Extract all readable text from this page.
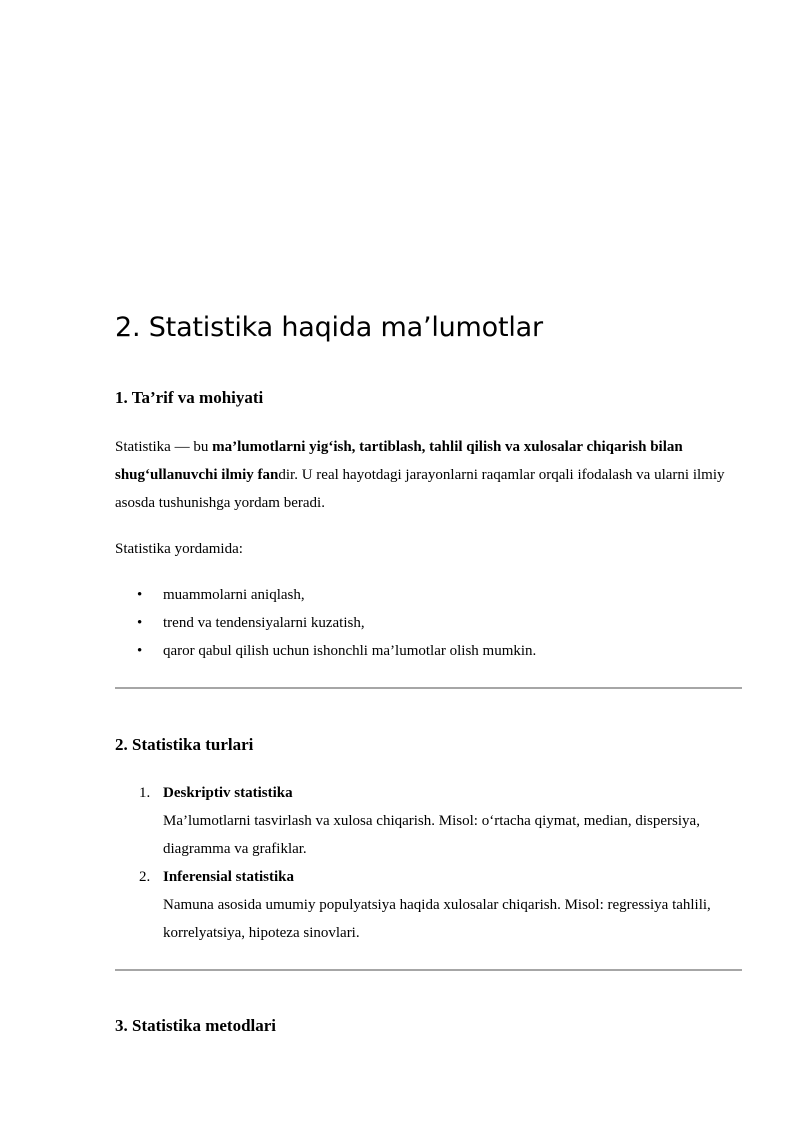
2. Statistika haqida ma’lumotlar
1. Ta’rif va mohiyati

Statistika — bu ma’lumotlarni yig‘ish, tartiblash, tahlil qilish va xulosalar chiqarish bilan shug‘ullanuvchi ilmiy fandir. U real hayotdagi jarayonlarni raqamlar orqali ifodalash va ularni ilmiy asosda tushunishga yordam beradi.

Statistika yordamida:

• muammolarni aniqlash,
• trend va tendensiyalarni kuzatish,
• qaror qabul qilish uchun ishonchli ma’lumotlar olish mumkin.
2. Statistika turlari
1. Deskriptiv statistika
Ma’lumotlarni tasvirlash va xulosa chiqarish. Misol: o‘rtacha qiymat, median, dispersiya, diagramma va grafiklar.
2. Inferensial statistika
Namuna asosida umumiy populyatsiya haqida xulosalar chiqarish. Misol: regressiya tahlili, korrelyatsiya, hipoteza sinovlari.
3. Statistika metodlari
